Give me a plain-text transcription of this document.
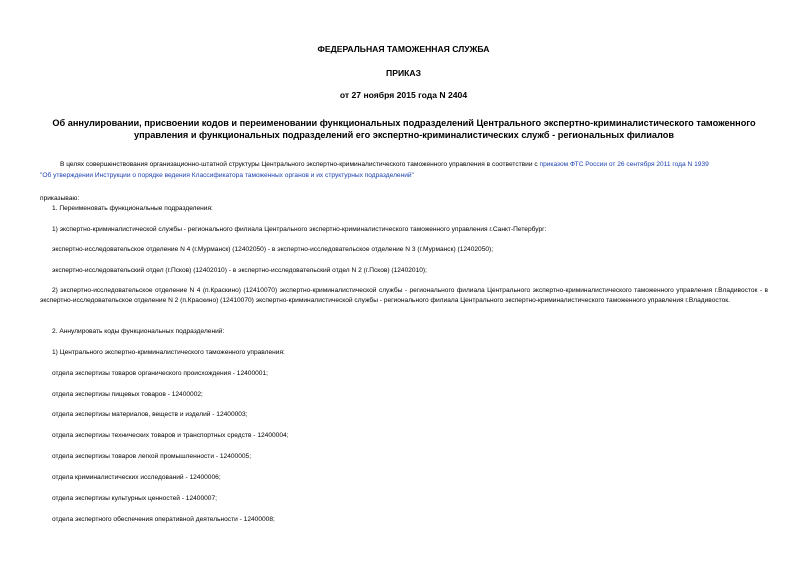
ФЕДЕРАЛЬНАЯ ТАМОЖЕННАЯ СЛУЖБА
ПРИКАЗ
от 27 ноября 2015 года N 2404
Об аннулировании, присвоении кодов и переименовании функциональных подразделений Центрального экспертно-криминалистического таможенного
управления и функциональных подразделений его экспертно-криминалистических служб - региональных филиалов
В целях совершенствования организационно-штатной структуры Центрального экспертно-криминалистического таможенного управления в соответствии с приказом ФТС России от 26 сентября 2011 года N 1939
"Об утверждении Инструкции о порядке ведения Классификатора таможенных органов и их структурных подразделений"
приказываю:
1. Переименовать функциональные подразделения:
1) экспертно-криминалистической службы - регионального филиала Центрального экспертно-криминалистического таможенного управления г.Санкт-Петербург:
экспертно-исследовательское отделение N 4 (г.Мурманск) (12402050) - в экспертно-исследовательское отделение N 3 (г.Мурманск) (12402050);
экспертно-исследовательский отдел (г.Псков) (12402010) - в экспертно-исследовательский отдел N 2 (г.Псков) (12402010);
2) экспертно-исследовательское отделение N 4 (п.Краскино) (12410070) экспертно-криминалистической службы - регионального филиала Центрального экспертно-криминалистического таможенного управления г.Владивосток - в экспертно-исследовательское отделение N 2 (п.Краскино) (12410070) экспертно-криминалистической службы - регионального филиала Центрального экспертно-криминалистического таможенного управления г.Владивосток.
2. Аннулировать коды функциональных подразделений:
1) Центрального экспертно-криминалистического таможенного управления:
отдела экспертизы товаров органического происхождения - 12400001;
отдела экспертизы пищевых товаров - 12400002;
отдела экспертизы материалов, веществ и изделий - 12400003;
отдела экспертизы технических товаров и транспортных средств - 12400004;
отдела экспертизы товаров легкой промышленности - 12400005;
отдела криминалистических исследований - 12400006;
отдела экспертизы культурных ценностей - 12400007;
отдела экспертного обеспечения оперативной деятельности - 12400008;
